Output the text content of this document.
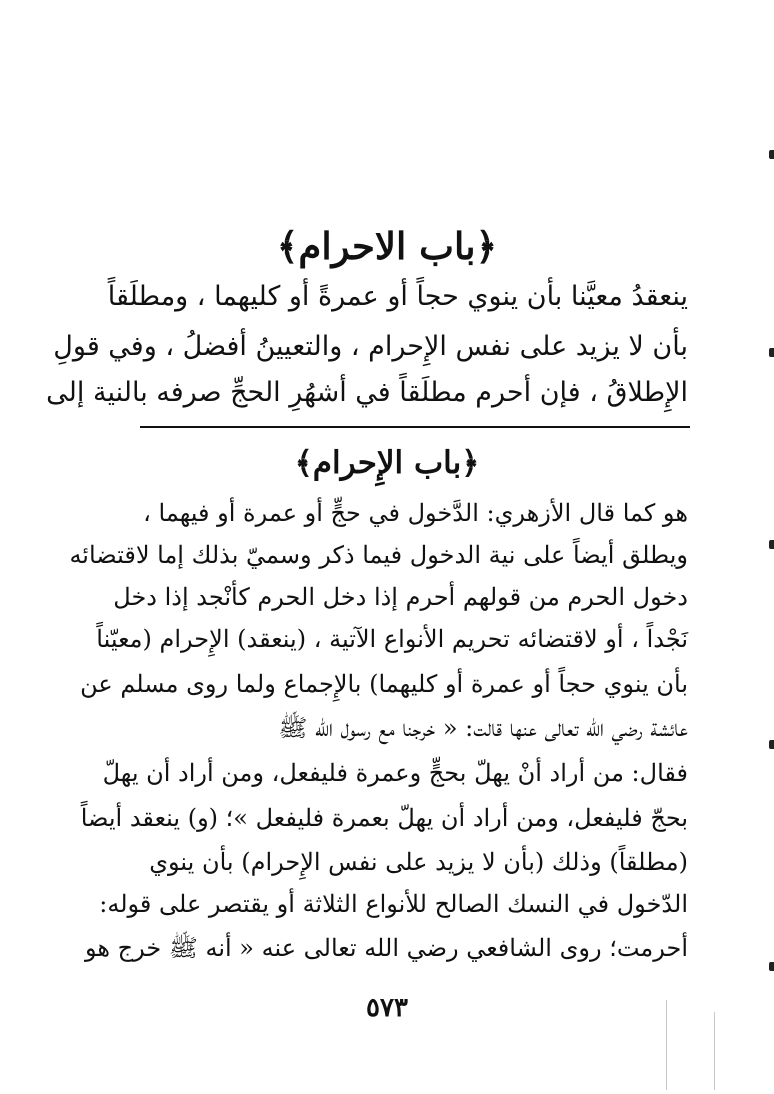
﴿باب الاحرام﴾
ينعقدُ معيَّنا بأن ينوي حجاً أو عمرةً أو كليهما ، ومطلَقاً
بأن لا يزيد على نفس الإِحرام ، والتعيينُ أفضلُ ، وفي قولِ
الإِطلاقُ ، فإن أحرم مطلَقاً في أشهُرِ الحجِّ صرفه بالنية إلى
﴿باب الإِحرام﴾
هو كما قال الأزهري: الدَّخول في حجٍّ أو عمرة أو فيهما ،
ويطلق أيضاً على نية الدخول فيما ذكر وسميّ بذلك إما لاقتضائه
دخول الحرم من قولهم أحرم إذا دخل الحرم كأنْجد إذا دخل
نَجْداً ، أو لاقتضائه تحريم الأنواع الآتية ، (ينعقد) الإِحرام (معيّناً
بأن ينوي حجاً أو عمرة أو كليهما) بالإِجماع ولما روى مسلم عن
عائشة رضي الله تعالى عنها قالت: « خرجنا مع رسول الله ﷺ
فقال: من أراد أنْ يهلّ بحجٍّ وعمرة فليفعل، ومن أراد أن يهلّ
بحجّ فليفعل، ومن أراد أن يهلّ بعمرة فليفعل »؛ (و) ينعقد أيضاً
(مطلقاً) وذلك (بأن لا يزيد على نفس الإِحرام) بأن ينوي
الدّخول في النسك الصالح للأنواع الثلاثة أو يقتصر على قوله:
أحرمت؛ روى الشافعي رضي الله تعالى عنه « أنه ﷺ خرج هو
٥٧٣
